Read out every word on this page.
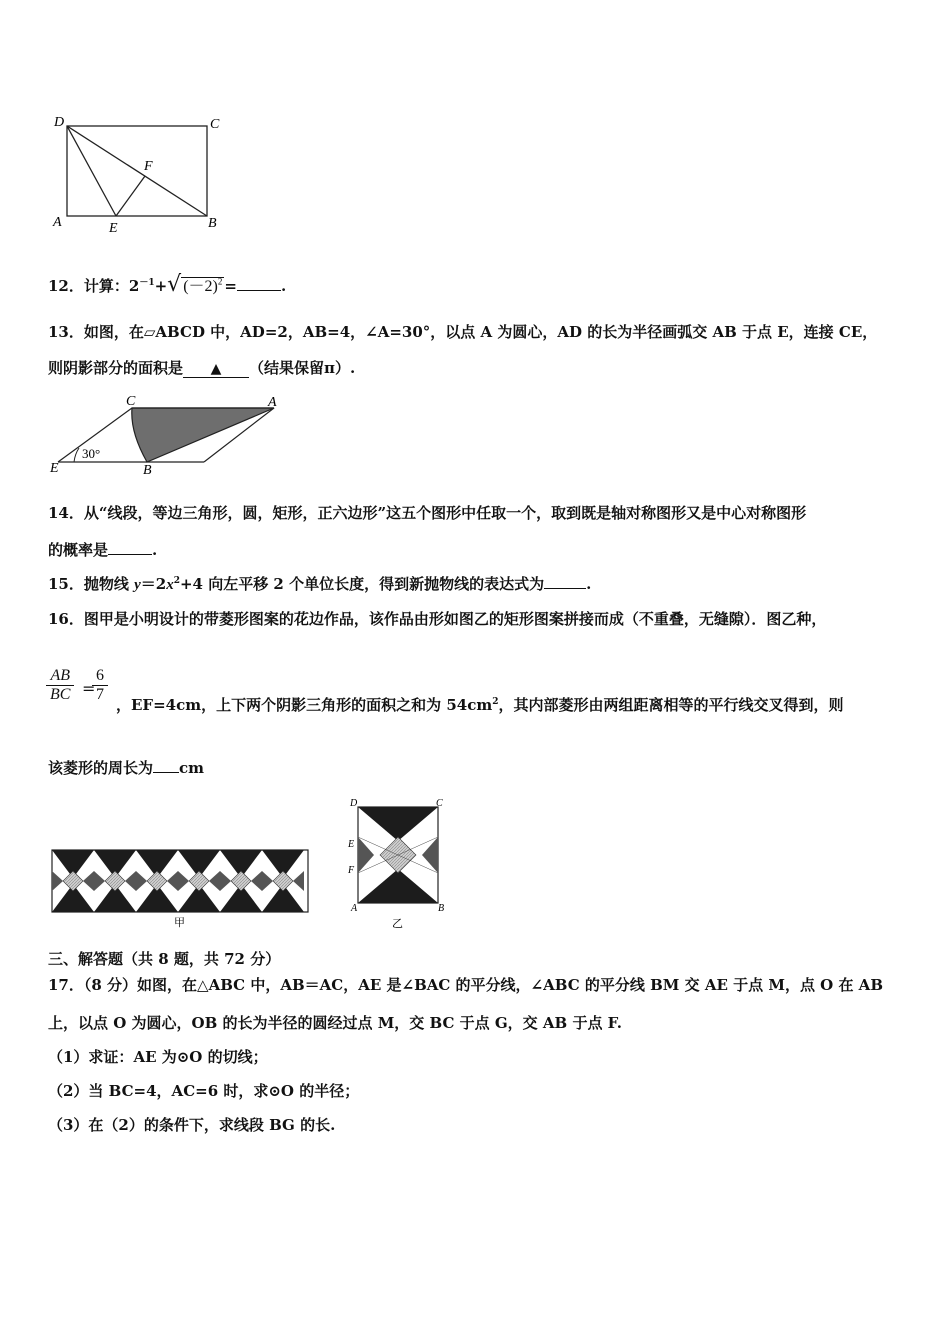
D	C
F
A	E	B
12．计算：$2^{-1}+√$ $(-2)^2$ =	.
13．如图，在▱ABCD 中，AD=2，AB=4，∠A=30°，以点 A 为圆心，AD 的长为半径画弧交 AB 于点 E，连接 CE，
则阴影部分的面积是 ▲ （结果保留π）.
30°
C	A
E	B
14．从“线段，等边三角形，圆，矩形，正六边形”这五个图形中任取一个，取到既是轴对称图形又是中心对称图形
的概率是	.
15．抛物线 $y=2x^2+4$ 向左平移 2 个单位长度，得到新抛物线的表达式为	.
16．图甲是小明设计的带菱形图案的花边作品，该作品由形如图乙的矩形图案拼接而成（不重叠，无缝隙）．图乙种，
$\frac{AB}{BC}$ =
$\frac{6}{7}$
，EF=4cm，上下两个阴影三角形的面积之和为 $54cm^2$，其内部菱形由两组距离相等的平行线交叉得到，则
该菱形的周长为 cm
甲
D	C
E
F
A	B
乙
三、解答题（共 8 题，共 72 分）
17．（8 分）如图，在△ABC 中，AB＝AC，AE 是∠BAC 的平分线，∠ABC 的平分线 BM 交 AE 于点 M，点 O 在 AB
上，以点 O 为圆心，OB 的长为半径的圆经过点 M，交 BC 于点 G，交 AB 于点 F.
（1）求证：AE 为⊙O 的切线；
（2）当 BC=4，AC=6 时，求⊙O 的半径；
（3）在（2）的条件下，求线段 BG 的长.
